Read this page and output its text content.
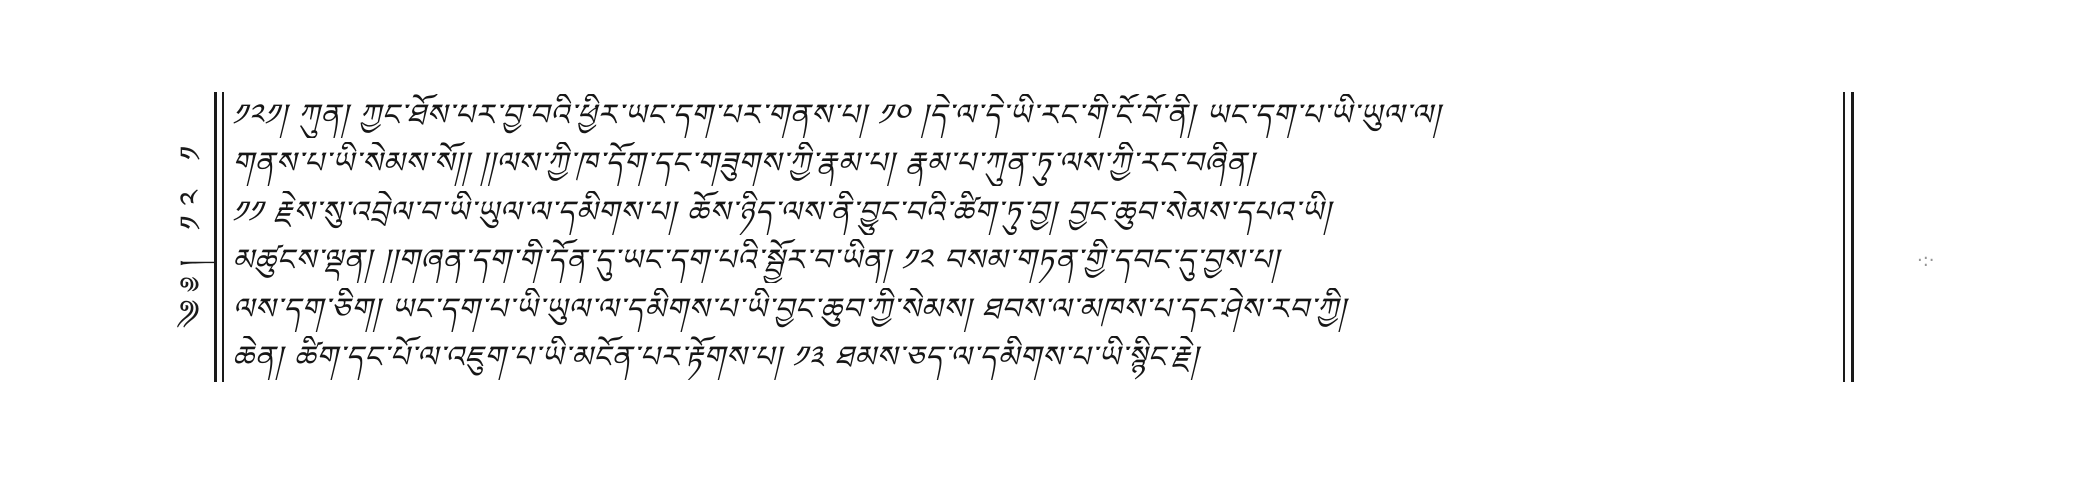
༄༅། ༡༢ ༡
༡༢༡། ཀུན། ཀྱང་ཐོས་པར་བྱ་བའི་ཕྱིར་ཡང་དག་པར་གནས་པ། ༡༠ །དེ་ལ་དེ་ཡི་རང་གི་ངོ་བོ་ནི། ཡང་དག་པ་ཡི་ཡུལ་ལ།
གནས་པ་ཡི་སེམས་སོ།། །།ལས་ཀྱི་ཁ་དོག་དང་གཟུགས་ཀྱི་རྣམ་པ། རྣམ་པ་ཀུན་ཏུ་ལས་ཀྱི་རང་བཞིན།
༡༡ རྗེས་སུ་འབྲེལ་བ་ཡི་ཡུལ་ལ་དམིགས་པ། ཆོས་ཉིད་ལས་ནི་བྱུང་བའི་ཚིག་ཏུ་བྱ། བྱང་ཆུབ་སེམས་དཔའ་ཡི།
མཚུངས་ལྡན། །།གཞན་དག་གི་དོན་དུ་ཡང་དག་པའི་སྦྱོར་བ་ཡིན། ༡༢ བསམ་གཏན་གྱི་དབང་དུ་བྱས་པ།
ལས་དག་ཅིག། ཡང་དག་པ་ཡི་ཡུལ་ལ་དམིགས་པ་ཡི་བྱང་ཆུབ་ཀྱི་སེམས། ཐབས་ལ་མཁས་པ་དང་ཤེས་རབ་ཀྱི།
ཆེན། ཚིག་དང་པོ་ལ་འཇུག་པ་ཡི་མངོན་པར་རྟོགས་པ། ༡༣ ཐམས་ཅད་ལ་དམིགས་པ་ཡི་སྙིང་རྗེ།
·:·
